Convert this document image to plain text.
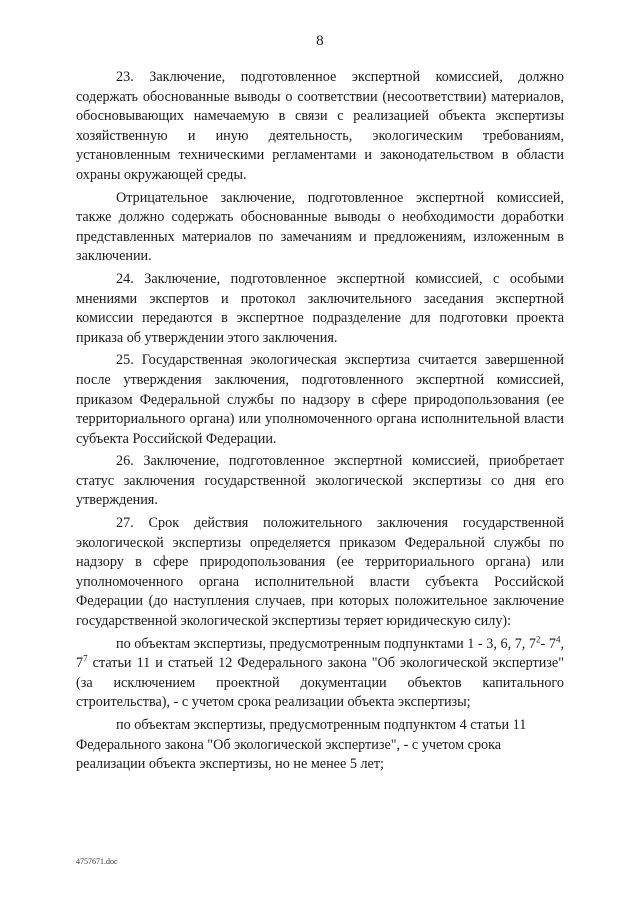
8

23. Заключение, подготовленное экспертной комиссией, должно содержать обоснованные выводы о соответствии (несоответствии) материалов, обосновывающих намечаемую в связи с реализацией объекта экспертизы хозяйственную и иную деятельность, экологическим требованиям, установленным техническими регламентами и законодательством в области охраны окружающей среды.

Отрицательное заключение, подготовленное экспертной комиссией, также должно содержать обоснованные выводы о необходимости доработки представленных материалов по замечаниям и предложениям, изложенным в заключении.

24. Заключение, подготовленное экспертной комиссией, с особыми мнениями экспертов и протокол заключительного заседания экспертной комиссии передаются в экспертное подразделение для подготовки проекта приказа об утверждении этого заключения.

25. Государственная экологическая экспертиза считается завершенной после утверждения заключения, подготовленного экспертной комиссией, приказом Федеральной службы по надзору в сфере природопользования (ее территориального органа) или уполномоченного органа исполнительной власти субъекта Российской Федерации.

26. Заключение, подготовленное экспертной комиссией, приобретает статус заключения государственной экологической экспертизы со дня его утверждения.

27. Срок действия положительного заключения государственной экологической экспертизы определяется приказом Федеральной службы по надзору в сфере природопользования (ее территориального органа) или уполномоченного органа исполнительной власти субъекта Российской Федерации (до наступления случаев, при которых положительное заключение государственной экологической экспертизы теряет юридическую силу):

по объектам экспертизы, предусмотренным подпунктами 1 - 3, 6, 7, $7^2-$ $7^4$, $7^7$ статьи 11 и статьей 12 Федерального закона "Об экологической экспертизе" (за исключением проектной документации объектов капитального строительства), - с учетом срока реализации объекта экспертизы;

по объектам экспертизы, предусмотренным подпунктом 4 статьи 11 Федерального закона "Об экологической экспертизе", - с учетом срока реализации объекта экспертизы, но не менее 5 лет;

4757671.doc
